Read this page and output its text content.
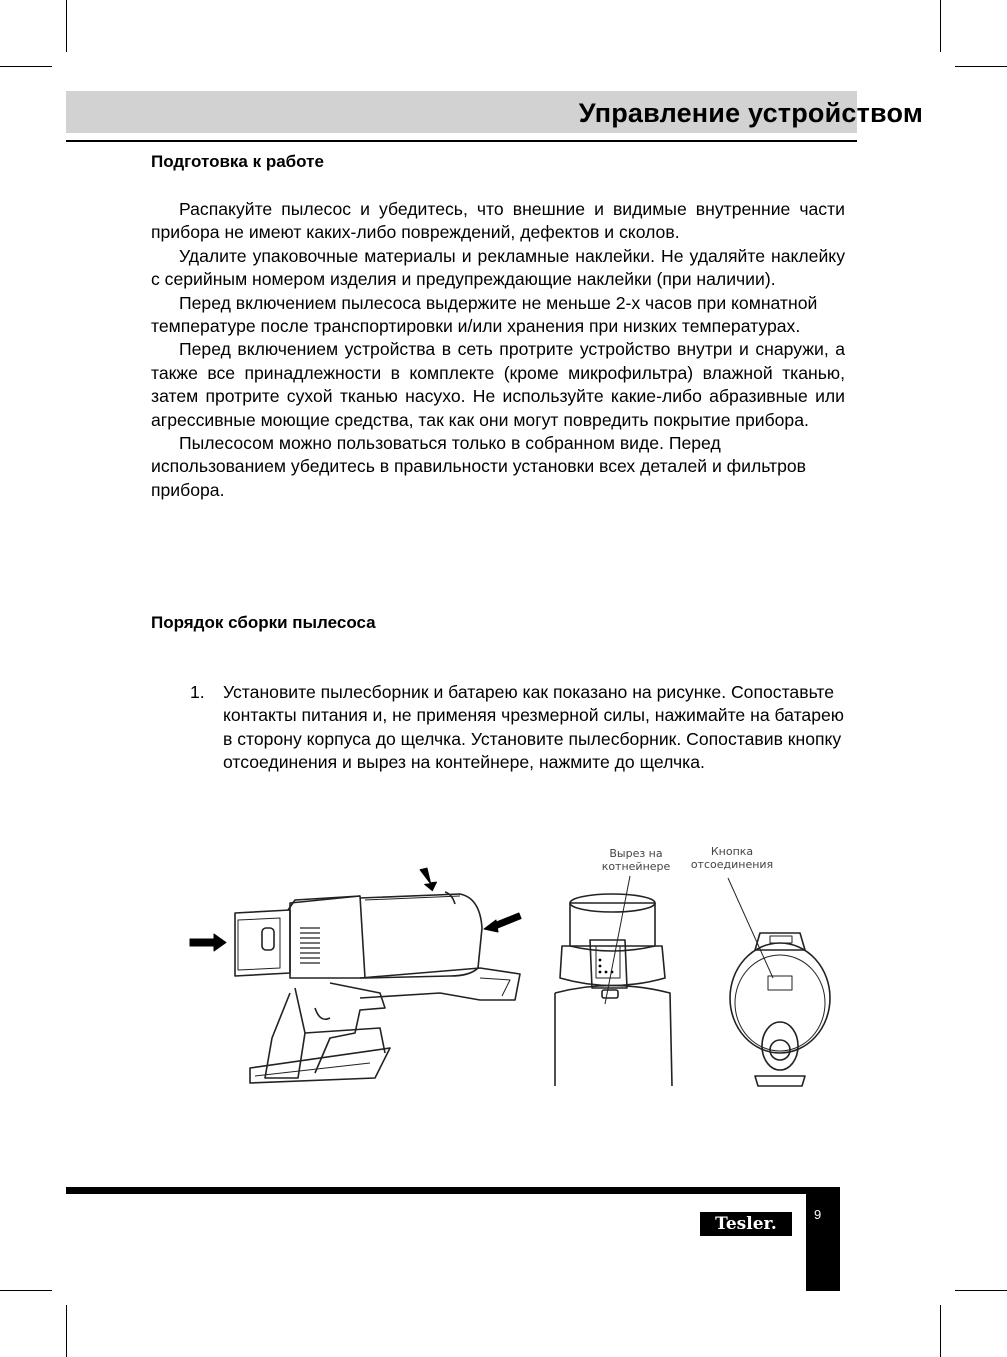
Управление устройством
Подготовка к работе

Распакуйте пылесос и убедитесь, что внешние и видимые внутренние части прибора не имеют каких-либо повреждений, дефектов и сколов.

Удалите упаковочные материалы и рекламные наклейки. Не удаляйте наклейку с серийным номером изделия и предупреждающие наклейки (при наличии).

Перед включением пылесоса выдержите не меньше 2-х часов при комнатной температуре после транспортировки и/или хранения при низких температурах.

Перед включением устройства в сеть протрите устройство внутри и снаружи, а также все принадлежности в комплекте (кроме микрофильтра) влажной тканью, затем протрите сухой тканью насухо. Не используйте какие-либо абразивные или агрессивные моющие средства, так как они могут повредить покрытие прибора.

Пылесосом можно пользоваться только в собранном виде. Перед использованием убедитесь в правильности установки всех деталей и фильтров прибора.

Порядок сборки пылесоса
1. Установите пылесборник и батарею как показано на рисунке. Сопоставьте контакты питания и, не применяя чрезмерной силы, нажимайте на батарею в сторону корпуса до щелчка. Установите пылесборник. Сопоставив кнопку отсоединения и вырез на контейнере, нажмите до щелчка.
Вырез на
котнейнере
Кнопка
отсоединения
9
Tesler.
